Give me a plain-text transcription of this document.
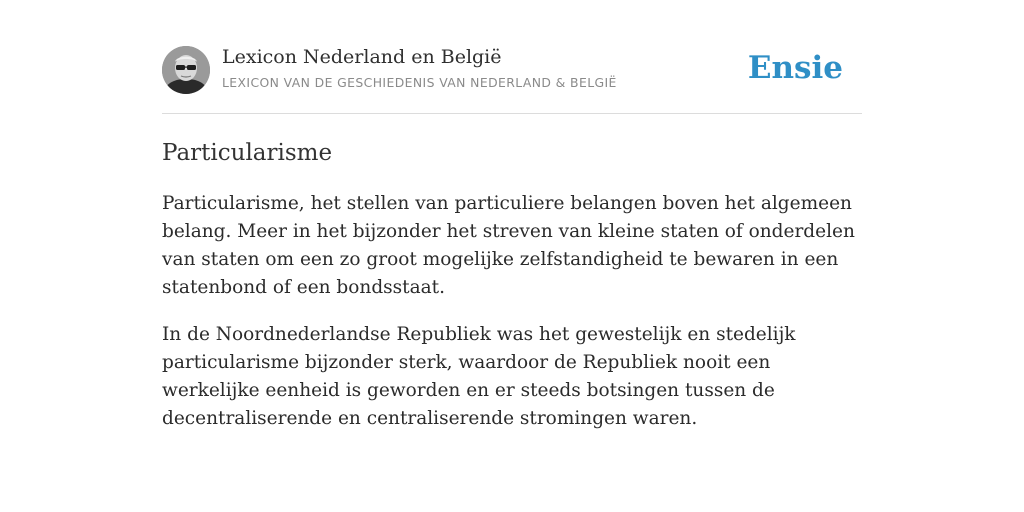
Lexicon Nederland en België
LEXICON VAN DE GESCHIEDENIS VAN NEDERLAND & BELGIË	Ensie
Particularisme

Particularisme, het stellen van particuliere belangen boven het algemeen belang. Meer in het bijzonder het streven van kleine staten of onderdelen van staten om een zo groot mogelijke zelfstandigheid te bewaren in een statenbond of een bondsstaat.

In de Noordnederlandse Republiek was het gewestelijk en stedelijk particularisme bijzonder sterk, waardoor de Republiek nooit een werkelijke eenheid is geworden en er steeds botsingen tussen de decentraliserende en centraliserende stromingen waren.
